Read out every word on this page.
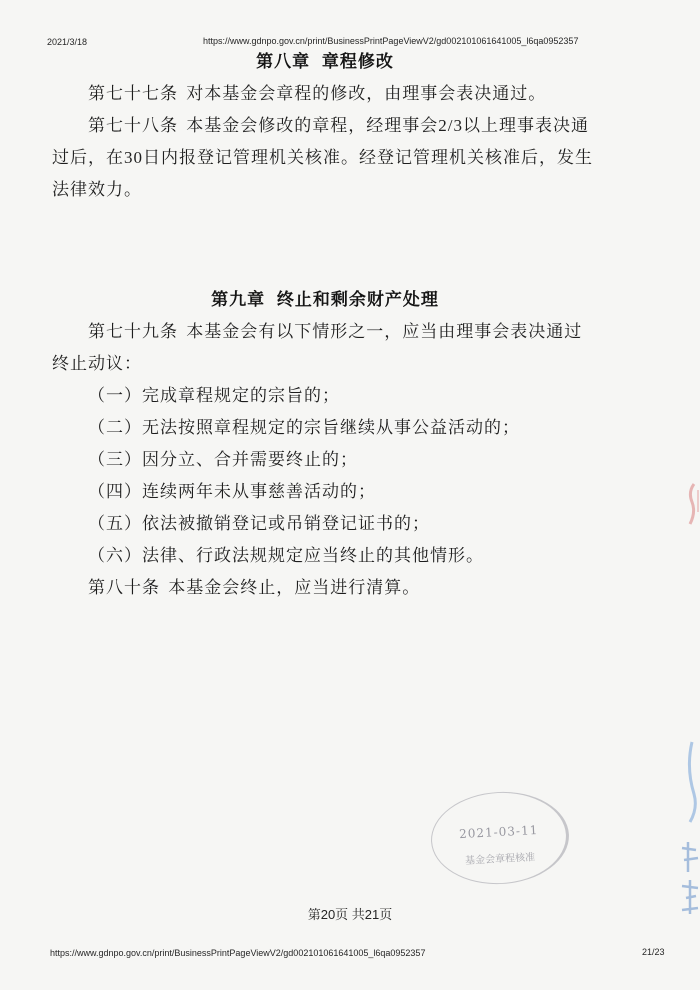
2021/3/18	https://www.gdnpo.gov.cn/print/BusinessPrintPageViewV2/gd002101061641005_l6qa0952357
第八章 章程修改
第七十七条 对本基金会章程的修改，由理事会表决通过。
第七十八条 本基金会修改的章程，经理事会2/3以上理事表决通
过后，在30日内报登记管理机关核准。经登记管理机关核准后，发生
法律效力。
第九章 终止和剩余财产处理
第七十九条 本基金会有以下情形之一，应当由理事会表决通过
终止动议：
（一）完成章程规定的宗旨的；
（二）无法按照章程规定的宗旨继续从事公益活动的；
（三）因分立、合并需要终止的；
（四）连续两年未从事慈善活动的；
（五）依法被撤销登记或吊销登记证书的；
（六）法律、行政法规规定应当终止的其他情形。
第八十条 本基金会终止，应当进行清算。
2021-03-11
基金会章程核准
第20页 共21页
https://www.gdnpo.gov.cn/print/BusinessPrintPageViewV2/gd002101061641005_l6qa0952357	21/23
